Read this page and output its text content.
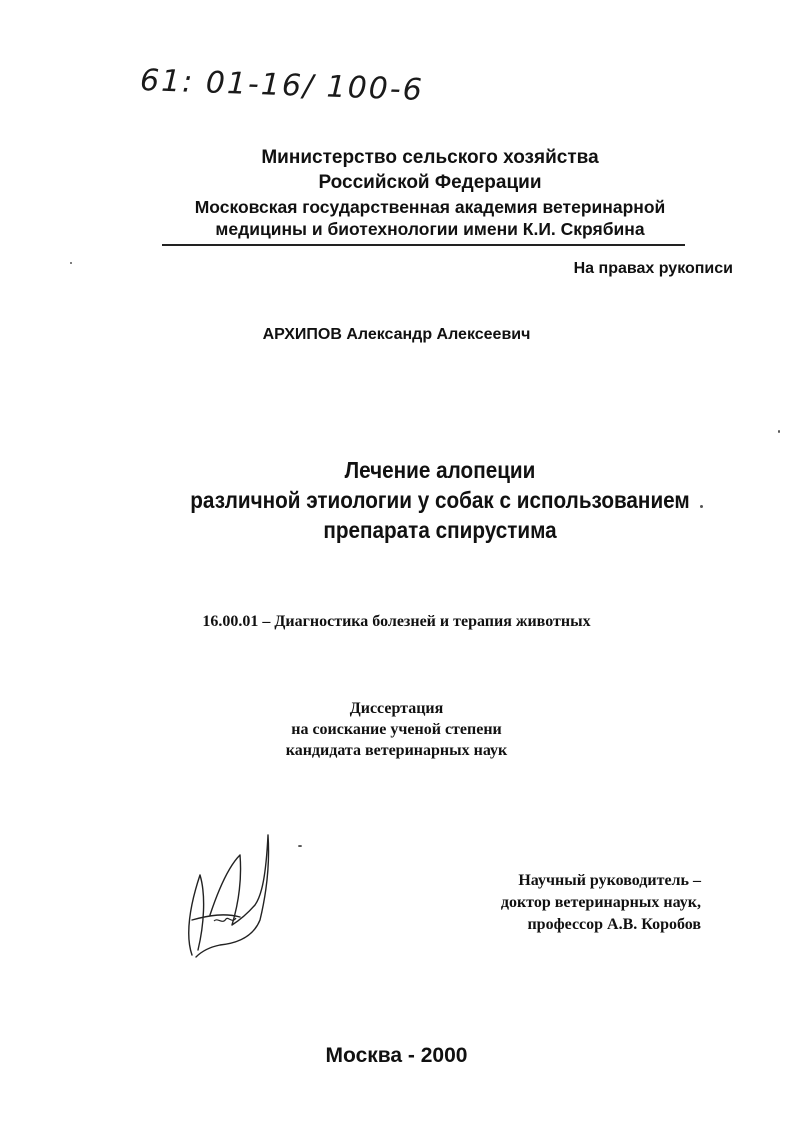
61: 01-16/ 100-6
Министерство сельского хозяйства
Российской Федерации
Московская государственная академия ветеринарной
медицины и биотехнологии имени К.И. Скрябина
На правах рукописи
АРХИПОВ Александр Алексеевич
Лечение алопеции
различной этиологии у собак с использованием
препарата спирустима
16.00.01 – Диагностика болезней и терапия животных
Диссертация
на соискание ученой степени
кандидата ветеринарных наук
Научный руководитель –
доктор ветеринарных наук,
профессор А.В. Коробов
Москва - 2000
